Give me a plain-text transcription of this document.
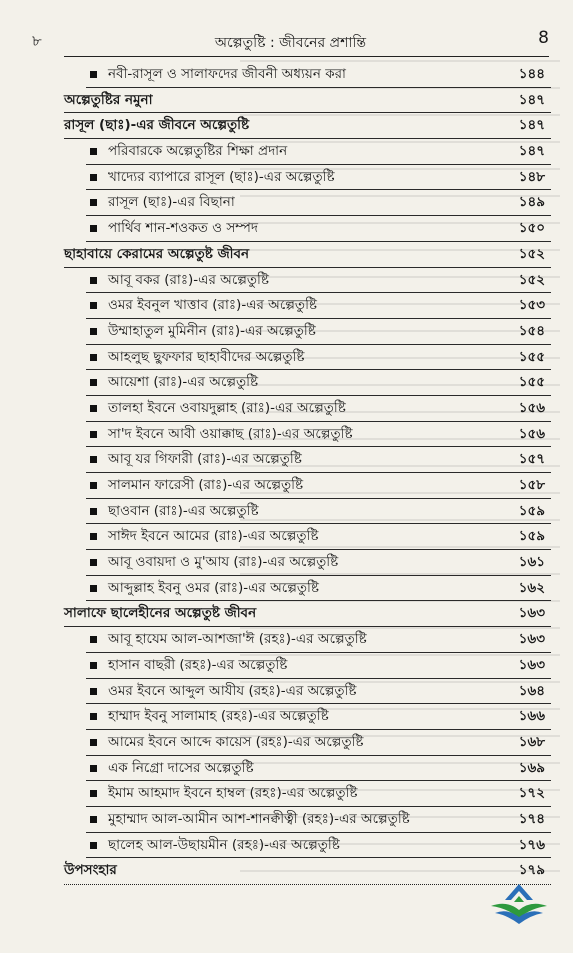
৮	অল্পেতুষ্টি : জীবনের প্রশান্তি	8
নবী-রাসূল ও সালাফদের জীবনী অধ্যয়ন করা	১৪৪
অল্পেতুষ্টির নমুনা	১৪৭
রাসূল (ছাঃ)-এর জীবনে অল্পেতুষ্টি	১৪৭
পরিবারকে অল্পেতুষ্টির শিক্ষা প্রদান	১৪৭
খাদ্যের ব্যাপারে রাসূল (ছাঃ)-এর অল্পেতুষ্টি	১৪৮
রাসূল (ছাঃ)-এর বিছানা	১৪৯
পার্থিব শান-শওকত ও সম্পদ	১৫০
ছাহাবায়ে কেরামের অল্পেতুষ্ট জীবন	১৫২
আবূ বকর (রাঃ)-এর অল্পেতুষ্টি	১৫২
ওমর ইবনুল খাত্তাব (রাঃ)-এর অল্পেতুষ্টি	১৫৩
উম্মাহাতুল মুমিনীন (রাঃ)-এর অল্পেতুষ্টি	১৫৪
আহলুছ ছুফফার ছাহাবীদের অল্পেতুষ্টি	১৫৫
আয়েশা (রাঃ)-এর অল্পেতুষ্টি	১৫৫
তালহা ইবনে ওবায়দুল্লাহ (রাঃ)-এর অল্পেতুষ্টি	১৫৬
সা'দ ইবনে আবী ওয়াক্কাছ (রাঃ)-এর অল্পেতুষ্টি	১৫৬
আবূ যর গিফারী (রাঃ)-এর অল্পেতুষ্টি	১৫৭
সালমান ফারেসী (রাঃ)-এর অল্পেতুষ্টি	১৫৮
ছাওবান (রাঃ)-এর অল্পেতুষ্টি	১৫৯
সাঈদ ইবনে আমের (রাঃ)-এর অল্পেতুষ্টি	১৫৯
আবূ ওবায়দা ও মু'আয (রাঃ)-এর অল্পেতুষ্টি	১৬১
আব্দুল্লাহ ইবনু ওমর (রাঃ)-এর অল্পেতুষ্টি	১৬২
সালাফে ছালেহীনের অল্পেতুষ্ট জীবন	১৬৩
আবূ হাযেম আল-আশজা'ঈ (রহঃ)-এর অল্পেতুষ্টি	১৬৩
হাসান বাছরী (রহঃ)-এর অল্পেতুষ্টি	১৬৩
ওমর ইবনে আব্দুল আযীয (রহঃ)-এর অল্পেতুষ্টি	১৬৪
হাম্মাদ ইবনু সালামাহ (রহঃ)-এর অল্পেতুষ্টি	১৬৬
আমের ইবনে আব্দে কায়েস (রহঃ)-এর অল্পেতুষ্টি	১৬৮
এক নিগ্রো দাসের অল্পেতুষ্টি	১৬৯
ইমাম আহমাদ ইবনে হাম্বল (রহঃ)-এর অল্পেতুষ্টি	১৭২
মুহাম্মাদ আল-আমীন আশ-শানক্বীত্বী (রহঃ)-এর অল্পেতুষ্টি	১৭৪
ছালেহ আল-উছায়মীন (রহঃ)-এর অল্পেতুষ্টি	১৭৬
উপসংহার	১৭৯
